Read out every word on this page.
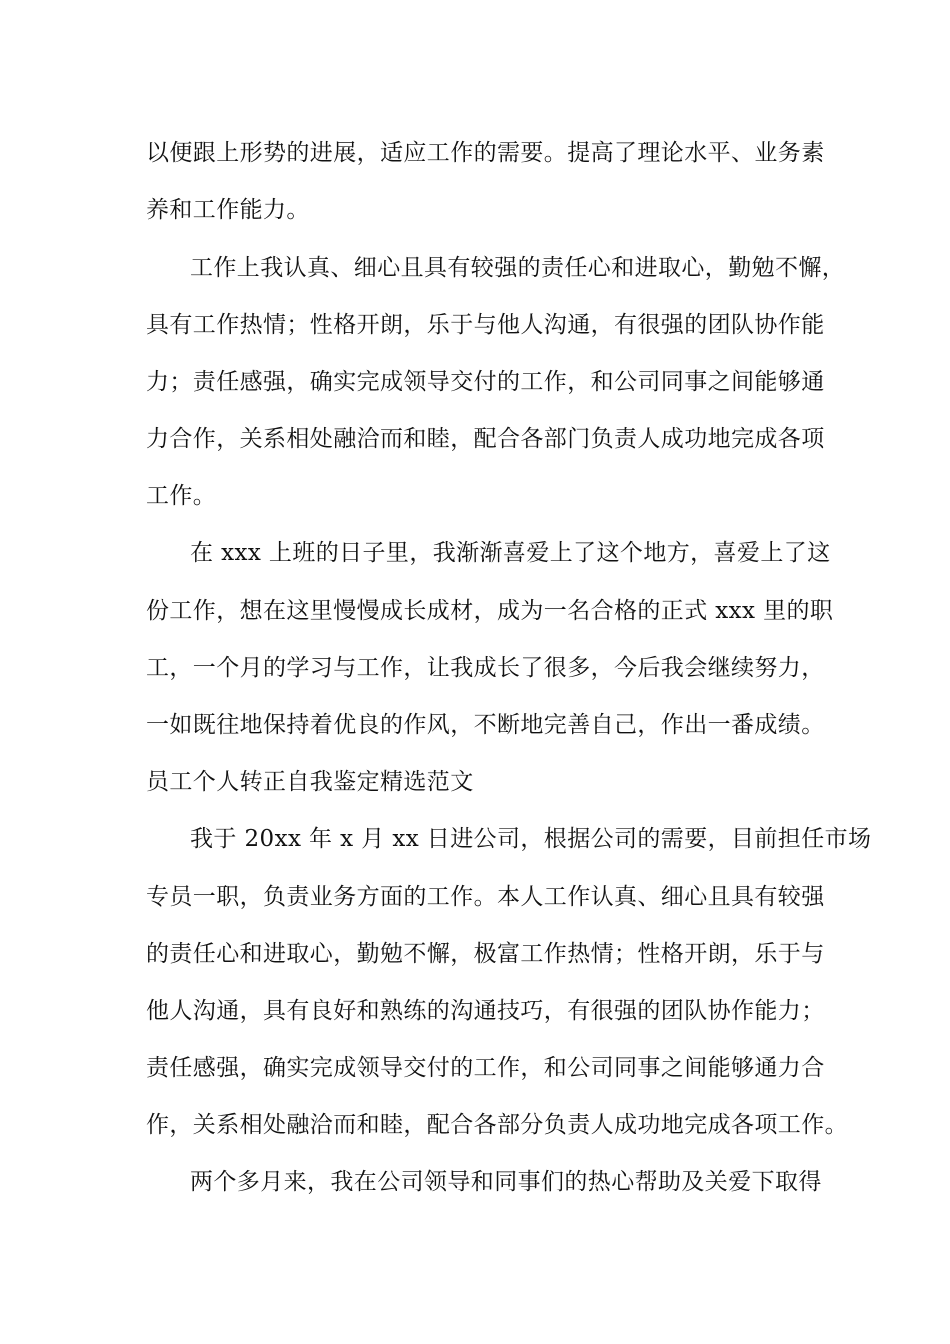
以便跟上形势的进展，适应工作的需要。提高了理论水平、业务素
养和工作能力。
工作上我认真、细心且具有较强的责任心和进取心，勤勉不懈，
具有工作热情；性格开朗，乐于与他人沟通，有很强的团队协作能
力；责任感强，确实完成领导交付的工作，和公司同事之间能够通
力合作，关系相处融洽而和睦，配合各部门负责人成功地完成各项
工作。
在 xxx 上班的日子里，我渐渐喜爱上了这个地方，喜爱上了这
份工作，想在这里慢慢成长成材，成为一名合格的正式 xxx 里的职
工，一个月的学习与工作，让我成长了很多，今后我会继续努力，
一如既往地保持着优良的作风，不断地完善自己，作出一番成绩。
员工个人转正自我鉴定精选范文
我于 20xx 年 x 月 xx 日进公司，根据公司的需要，目前担任市场
专员一职，负责业务方面的工作。本人工作认真、细心且具有较强
的责任心和进取心，勤勉不懈，极富工作热情；性格开朗，乐于与
他人沟通，具有良好和熟练的沟通技巧，有很强的团队协作能力；
责任感强，确实完成领导交付的工作，和公司同事之间能够通力合
作，关系相处融洽而和睦，配合各部分负责人成功地完成各项工作。
两个多月来，我在公司领导和同事们的热心帮助及关爱下取得
